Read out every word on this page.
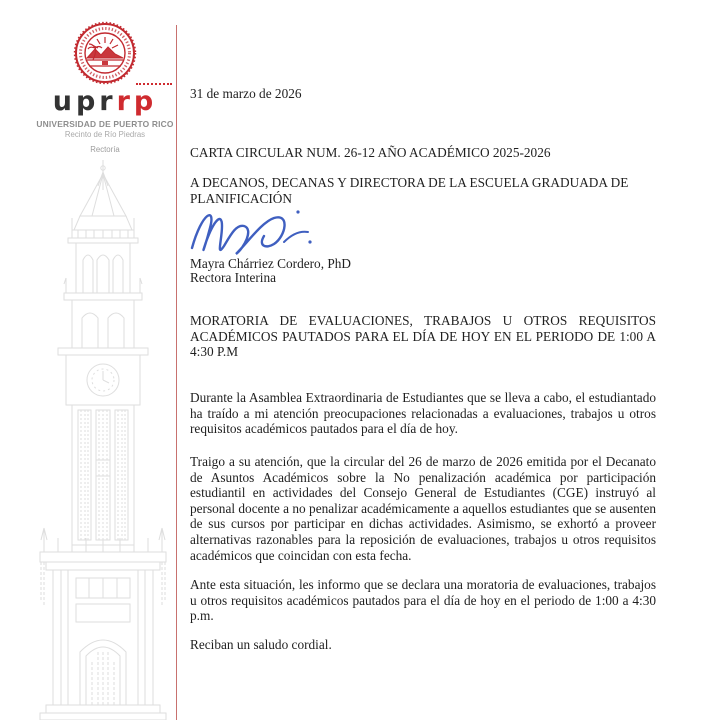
uprrp
UNIVERSIDAD DE PUERTO RICO
Recinto de Río Piedras
Rectoría
31 de marzo de 2026
CARTA CIRCULAR NUM. 26-12 AÑO ACADÉMICO 2025-2026
A DECANOS, DECANAS Y DIRECTORA DE LA ESCUELA GRADUADA DE PLANIFICACIÓN
Mayra Chárriez Cordero, PhD
Rectora Interina
MORATORIA DE EVALUACIONES, TRABAJOS U OTROS REQUISITOS ACADÉMICOS PAUTADOS PARA EL DÍA DE HOY EN EL PERIODO DE 1:00 A 4:30 P.M
Durante la Asamblea Extraordinaria de Estudiantes que se lleva a cabo, el estudiantado ha traído a mi atención preocupaciones relacionadas a evaluaciones, trabajos u otros requisitos académicos pautados para el día de hoy.
Traigo a su atención, que la circular del 26 de marzo de 2026 emitida por el Decanato de Asuntos Académicos sobre la No penalización académica por participación estudiantil en actividades del Consejo General de Estudiantes (CGE) instruyó al personal docente a no penalizar académicamente a aquellos estudiantes que se ausenten de sus cursos por participar en dichas actividades. Asimismo, se exhortó a proveer alternativas razonables para la reposición de evaluaciones, trabajos u otros requisitos académicos que coincidan con esta fecha.
Ante esta situación, les informo que se declara una moratoria de evaluaciones, trabajos u otros requisitos académicos pautados para el día de hoy en el periodo de 1:00 a 4:30 p.m.
Reciban un saludo cordial.
